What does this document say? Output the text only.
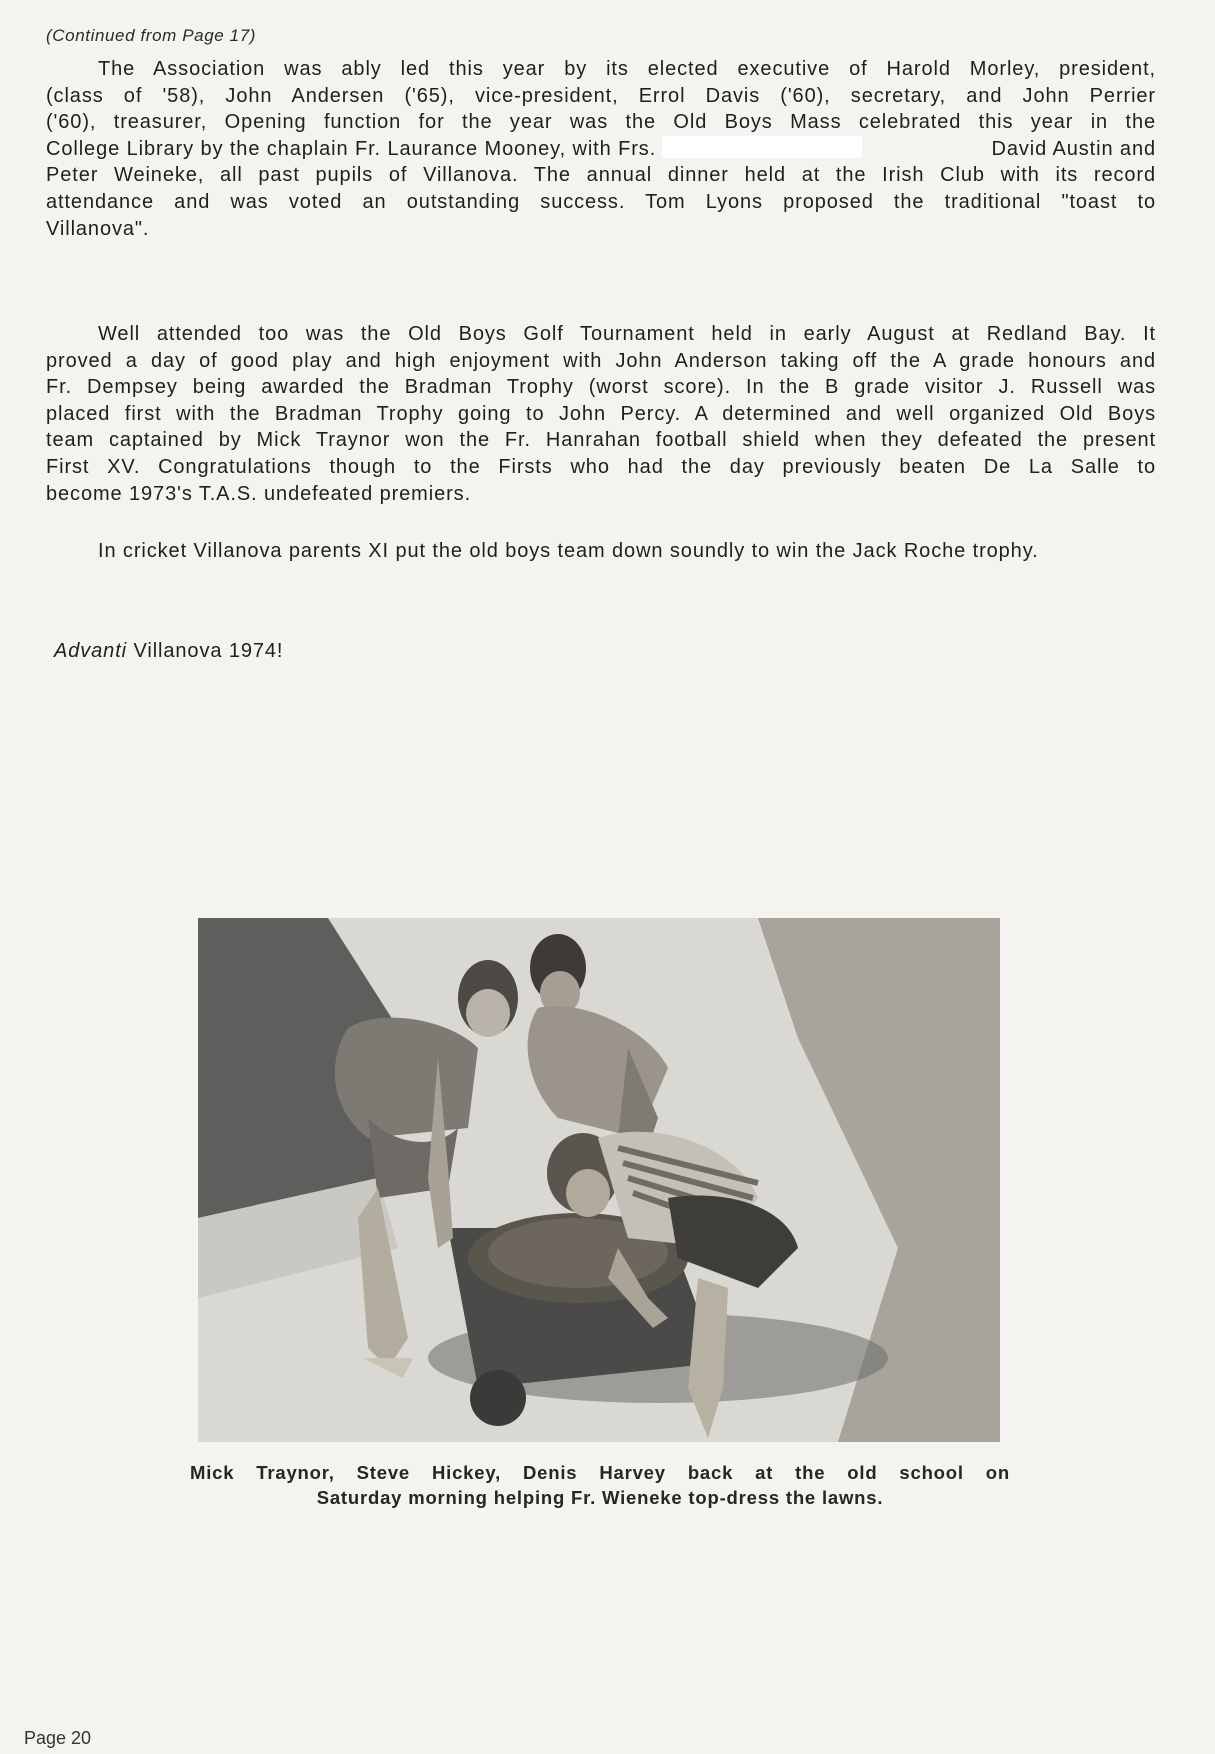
(Continued from Page 17)
The Association was ably led this year by its elected executive of Harold Morley, president,
(class of '58), John Andersen ('65), vice-president, Errol Davis ('60), secretary, and John Perrier
('60), treasurer, Opening function for the year was the Old Boys Mass celebrated this year in the
College Library by the chaplain Fr. Laurance Mooney, with Frs.	David Austin and
Peter Weineke, all past pupils of Villanova. The annual dinner held at the Irish Club with its record
attendance and was voted an outstanding success. Tom Lyons proposed the traditional "toast to
Villanova".
Well attended too was the Old Boys Golf Tournament held in early August at Redland Bay. It
proved a day of good play and high enjoyment with John Anderson taking off the A grade honours and
Fr. Dempsey being awarded the Bradman Trophy (worst score). In the B grade visitor J. Russell was
placed first with the Bradman Trophy going to John Percy. A determined and well organized Old Boys
team captained by Mick Traynor won the Fr. Hanrahan football shield when they defeated the present
First XV. Congratulations though to the Firsts who had the day previously beaten De La Salle to
become 1973's T.A.S. undefeated premiers.
In cricket Villanova parents XI put the old boys team down soundly to win the Jack Roche trophy.
Advanti Villanova 1974!
Mick Traynor, Steve Hickey, Denis Harvey back at the old school on
Saturday morning helping Fr. Wieneke top-dress the lawns.
Page 20
